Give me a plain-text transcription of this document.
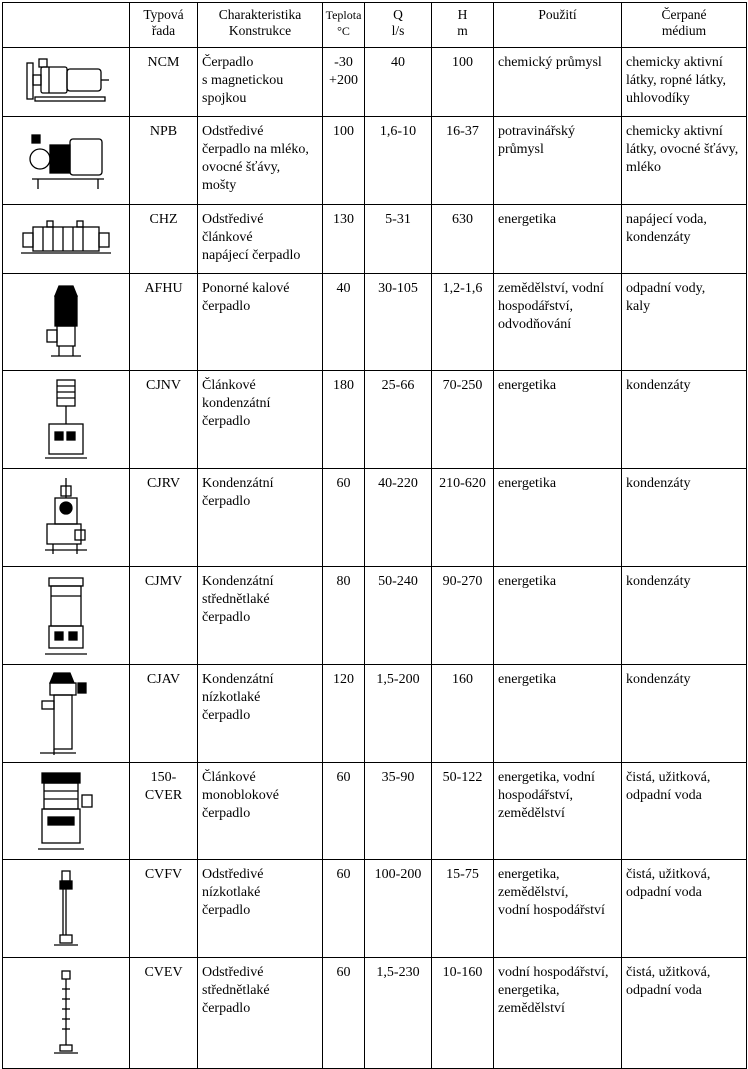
	Typová
řada	Charakteristika
Konstrukce	Teplota
°C	Q
l/s	H
m	Použití	Čerpané
médium

	NCM	Čerpadlo
s magnetickou
spojkou	-30
+200	40	100	chemický průmysl	chemicky aktivní
látky, ropné látky,
uhlovodíky

	NPB	Odstředivé
čerpadlo na mléko,
ovocné šťávy,
mošty	100	1,6-10	16-37	potravinářský
průmysl	chemicky aktivní
látky, ovocné šťávy,
mléko

	CHZ	Odstředivé
článkové
napájecí čerpadlo	130	5-31	630	energetika	napájecí voda,
kondenzáty

	AFHU	Ponorné kalové
čerpadlo	40	30-105	1,2-1,6	zemědělství, vodní
hospodářství,
odvodňování	odpadní vody,
kaly

	CJNV	Článkové
kondenzátní
čerpadlo	180	25-66	70-250	energetika	kondenzáty

	CJRV	Kondenzátní
čerpadlo	60	40-220	210-620	energetika	kondenzáty

	CJMV	Kondenzátní
střednětlaké
čerpadlo	80	50-240	90-270	energetika	kondenzáty

	CJAV	Kondenzátní
nízkotlaké
čerpadlo	120	1,5-200	160	energetika	kondenzáty

	150-
CVER	Článkové
monoblokové
čerpadlo	60	35-90	50-122	energetika, vodní
hospodářství,
zemědělství	čistá, užitková,
odpadní voda

	CVFV	Odstředivé
nízkotlaké
čerpadlo	60	100-200	15-75	energetika,
zemědělství,
vodní hospodářství	čistá, užitková,
odpadní voda

	CVEV	Odstředivé
střednětlaké
čerpadlo	60	1,5-230	10-160	vodní hospodářství,
energetika,
zemědělství	čistá, užitková,
odpadní voda
